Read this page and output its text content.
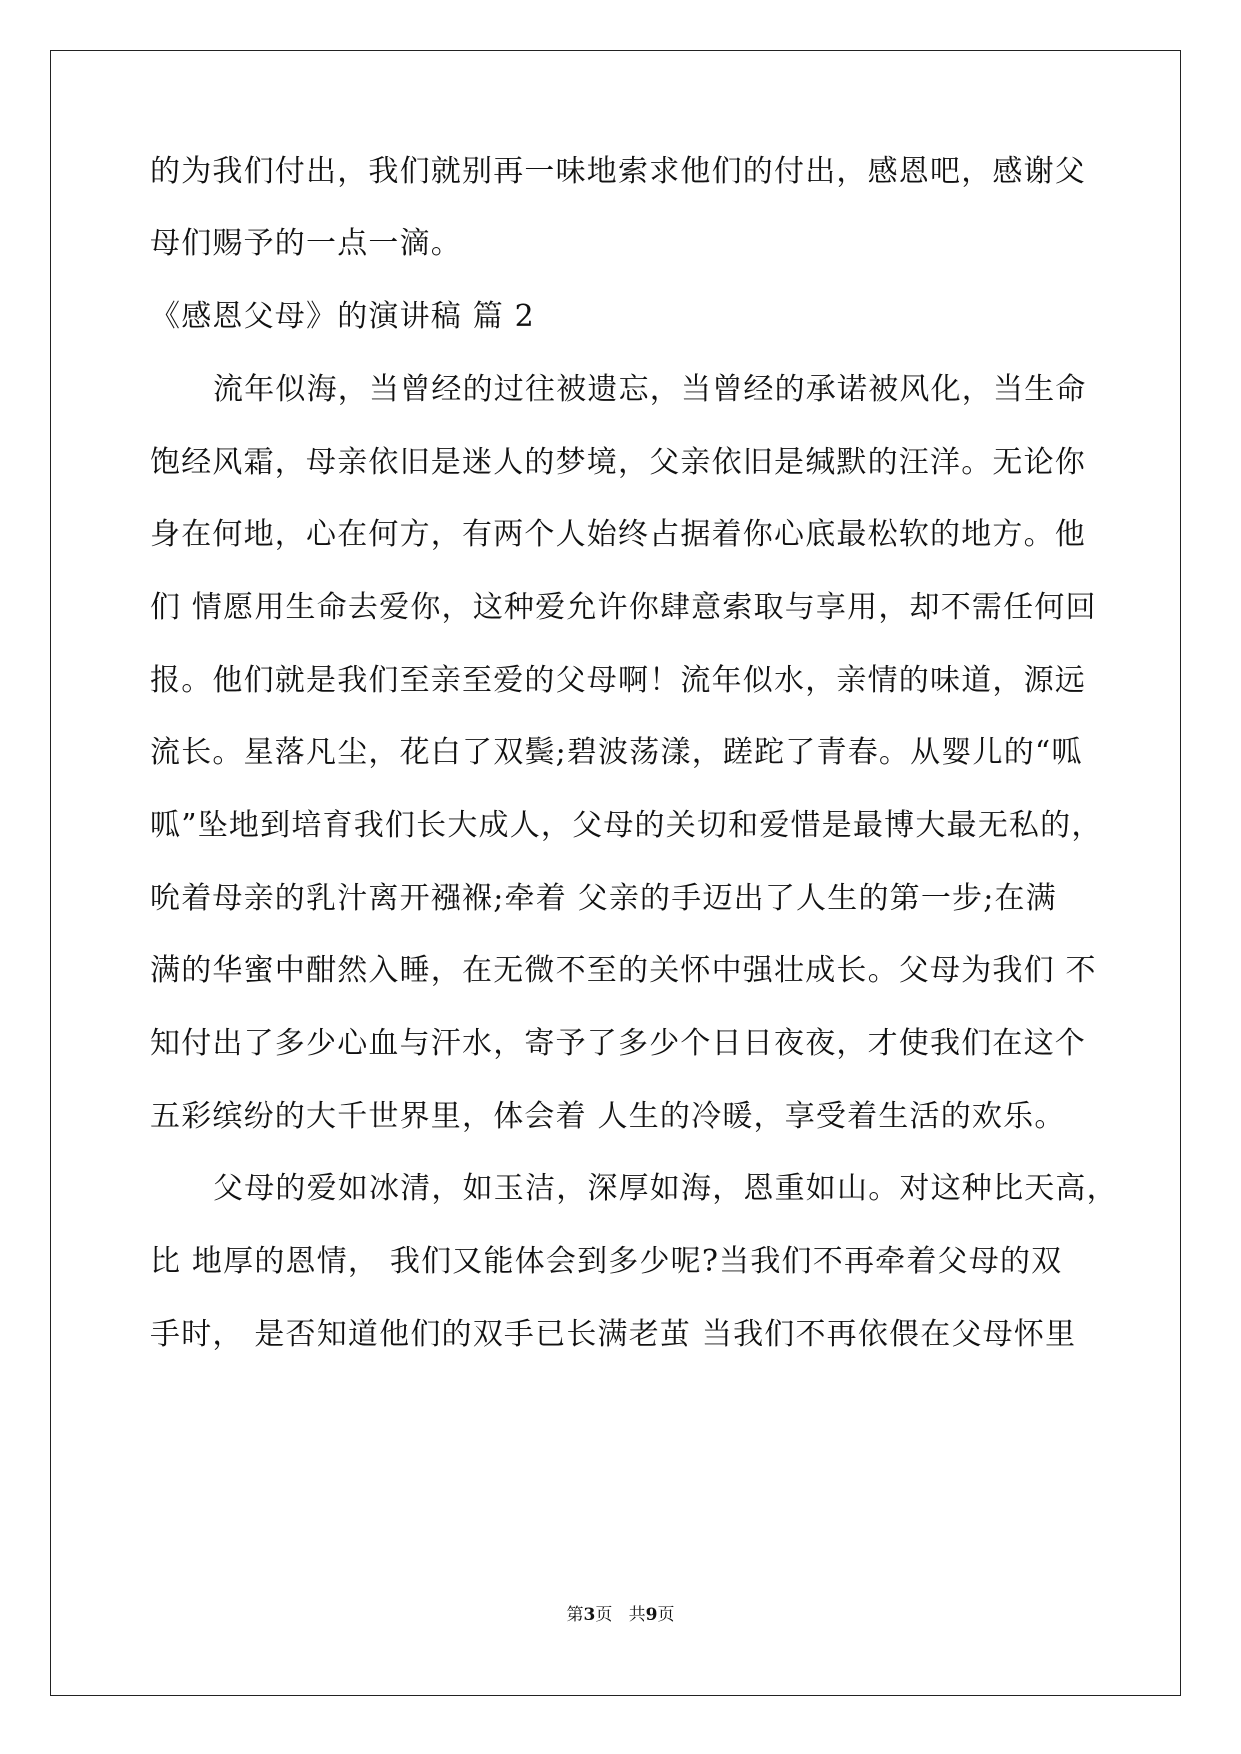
的为我们付出，我们就别再一味地索求他们的付出，感恩吧，感谢父
母们赐予的一点一滴。
《感恩父母》的演讲稿 篇 2
流年似海，当曾经的过往被遗忘，当曾经的承诺被风化，当生命
饱经风霜，母亲依旧是迷人的梦境，父亲依旧是缄默的汪洋。无论你
身在何地，心在何方，有两个人始终占据着你心底最松软的地方。他
们 情愿用生命去爱你，这种爱允许你肆意索取与享用，却不需任何回
报。他们就是我们至亲至爱的父母啊！流年似水，亲情的味道，源远
流长。星落凡尘，花白了双鬓;碧波荡漾，蹉跎了青春。从婴儿的“呱
呱”坠地到培育我们长大成人，父母的关切和爱惜是最博大最无私的，
吮着母亲的乳汁离开襁褓;牵着 父亲的手迈出了人生的第一步;在满
满的华蜜中酣然入睡，在无微不至的关怀中强壮成长。父母为我们 不
知付出了多少心血与汗水，寄予了多少个日日夜夜，才使我们在这个
五彩缤纷的大千世界里，体会着 人生的冷暖，享受着生活的欢乐。
父母的爱如冰清，如玉洁，深厚如海，恩重如山。对这种比天高，
比 地厚的恩情， 我们又能体会到多少呢?当我们不再牵着父母的双
手时， 是否知道他们的双手已长满老茧 当我们不再依偎在父母怀里
第3页   共9页
